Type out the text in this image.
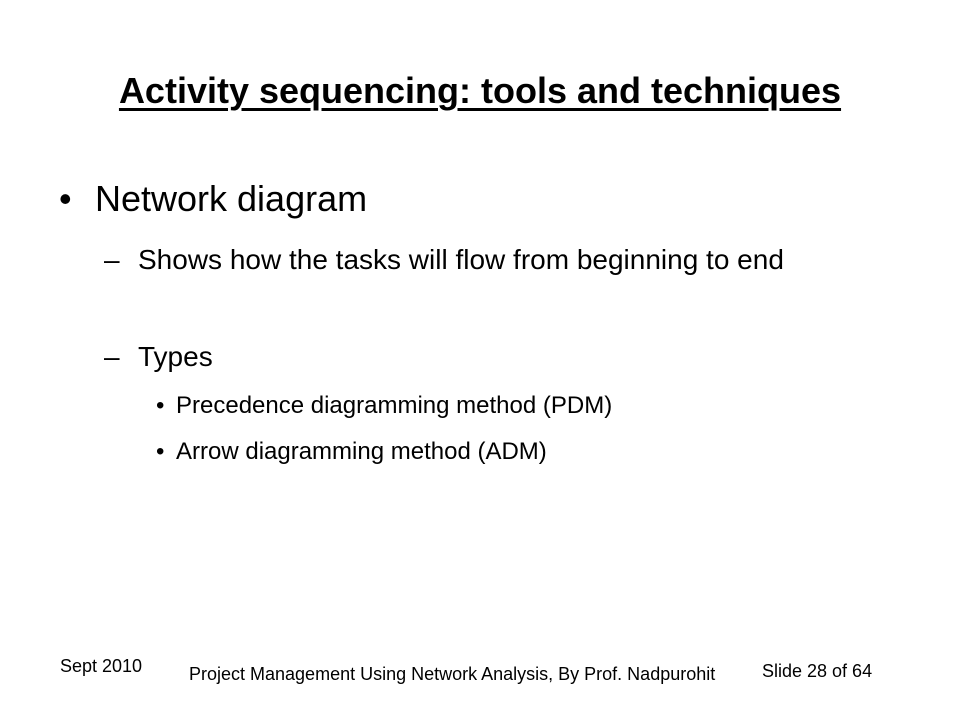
Activity sequencing: tools and techniques
• Network diagram
– Shows how the tasks will flow from beginning to end
– Types
• Precedence diagramming method (PDM)
• Arrow diagramming method (ADM)
Sept 2010	Project Management Using Network Analysis, By Prof. Nadpurohit	Slide 28 of 64
